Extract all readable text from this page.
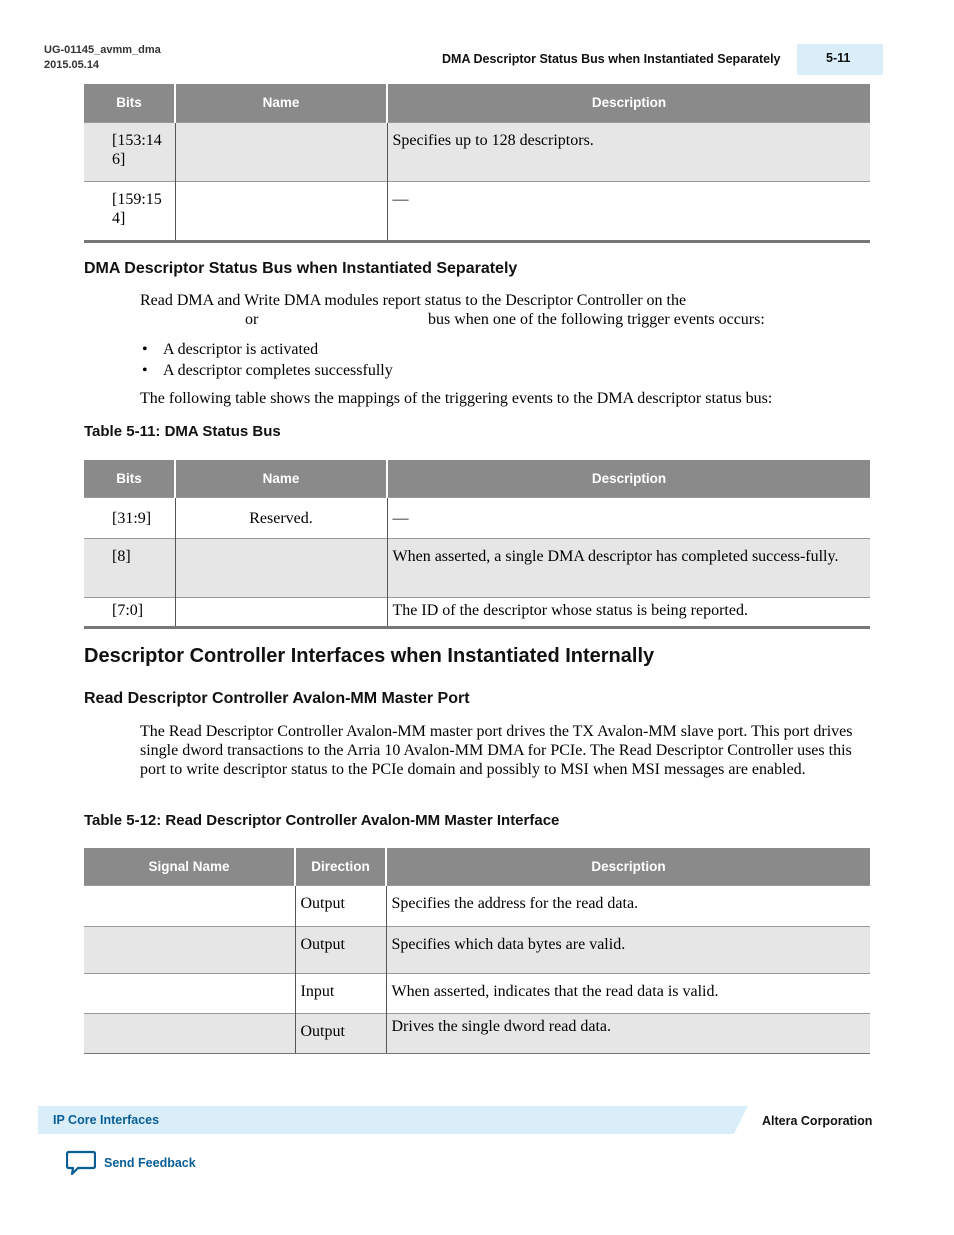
UG-01145_avmm_dma
2015.05.14	DMA Descriptor Status Bus when Instantiated Separately	5-11
Bits	Name	Description

[153:146]		Specifies up to 128 descriptors.

[159:154]		—
DMA Descriptor Status Bus when Instantiated Separately
Read DMA and Write DMA modules report status to the Descriptor Controller on the
or	bus when one of the following trigger events occurs:
• A descriptor is activated
• A descriptor completes successfully
The following table shows the mappings of the triggering events to the DMA descriptor status bus:
Table 5-11: DMA Status Bus
Bits	Name	Description
[31:9]	Reserved.	—
[8]		When asserted, a single DMA descriptor has completed success-fully.

[7:0]		The ID of the descriptor whose status is being reported.
Descriptor Controller Interfaces when Instantiated Internally
Read Descriptor Controller Avalon-MM Master Port
The Read Descriptor Controller Avalon-MM master port drives the TX Avalon-MM slave port. This port drives single dword transactions to the Arria 10 Avalon-MM DMA for PCIe. The Read Descriptor Controller uses this port to write descriptor status to the PCIe domain and possibly to MSI when MSI messages are enabled.
Table 5-12: Read Descriptor Controller Avalon-MM Master Interface
Signal Name	Direction	Description
	Output	Specifies the address for the read data.
	Output	Specifies which data bytes are valid.
	Input	When asserted, indicates that the read data is valid.
	Output	Drives the single dword read data.
IP Core Interfaces	Altera Corporation
Send Feedback
